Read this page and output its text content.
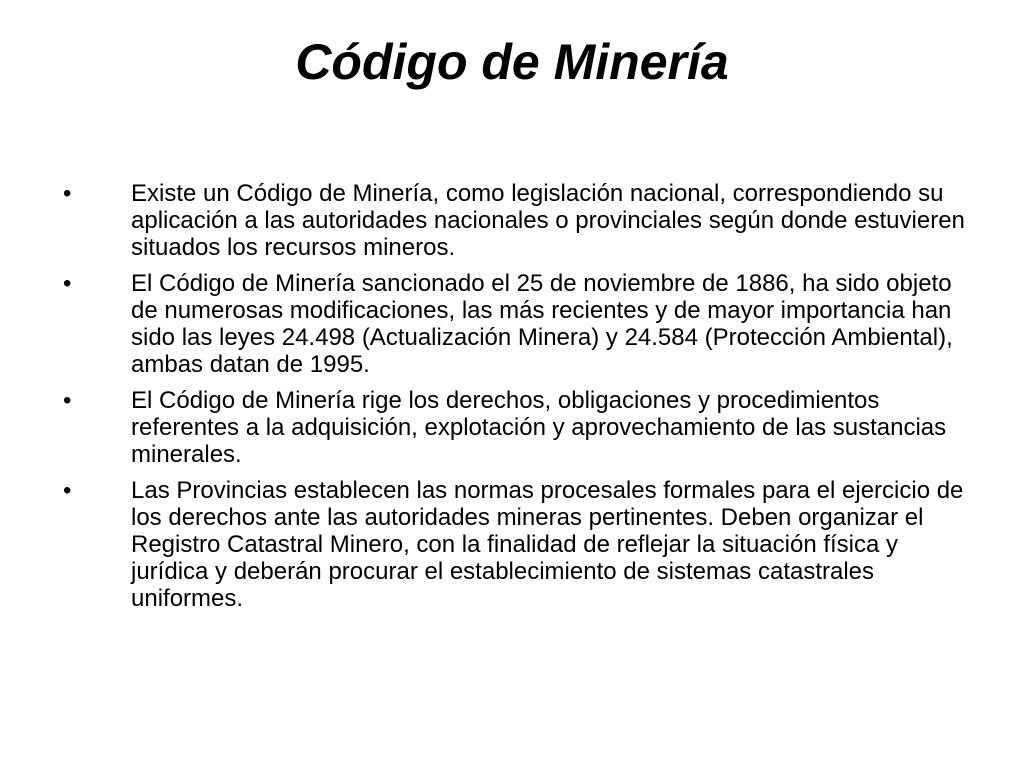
Código de Minería
• Existe un Código de Minería, como legislación nacional, correspondiendo su aplicación a las autoridades nacionales o provinciales según donde estuvieren situados los recursos mineros.
• El Código de Minería sancionado el 25 de noviembre de 1886, ha sido objeto de numerosas modificaciones, las más recientes y de mayor importancia han sido las leyes 24.498 (Actualización Minera) y 24.584 (Protección Ambiental), ambas datan de 1995.
• El Código de Minería rige los derechos, obligaciones y procedimientos referentes a la adquisición, explotación y aprovechamiento de las sustancias minerales.
• Las Provincias establecen las normas procesales formales para el ejercicio de los derechos ante las autoridades mineras pertinentes. Deben organizar el Registro Catastral Minero, con la finalidad de reflejar la situación física y jurídica y deberán procurar el establecimiento de sistemas catastrales uniformes.
